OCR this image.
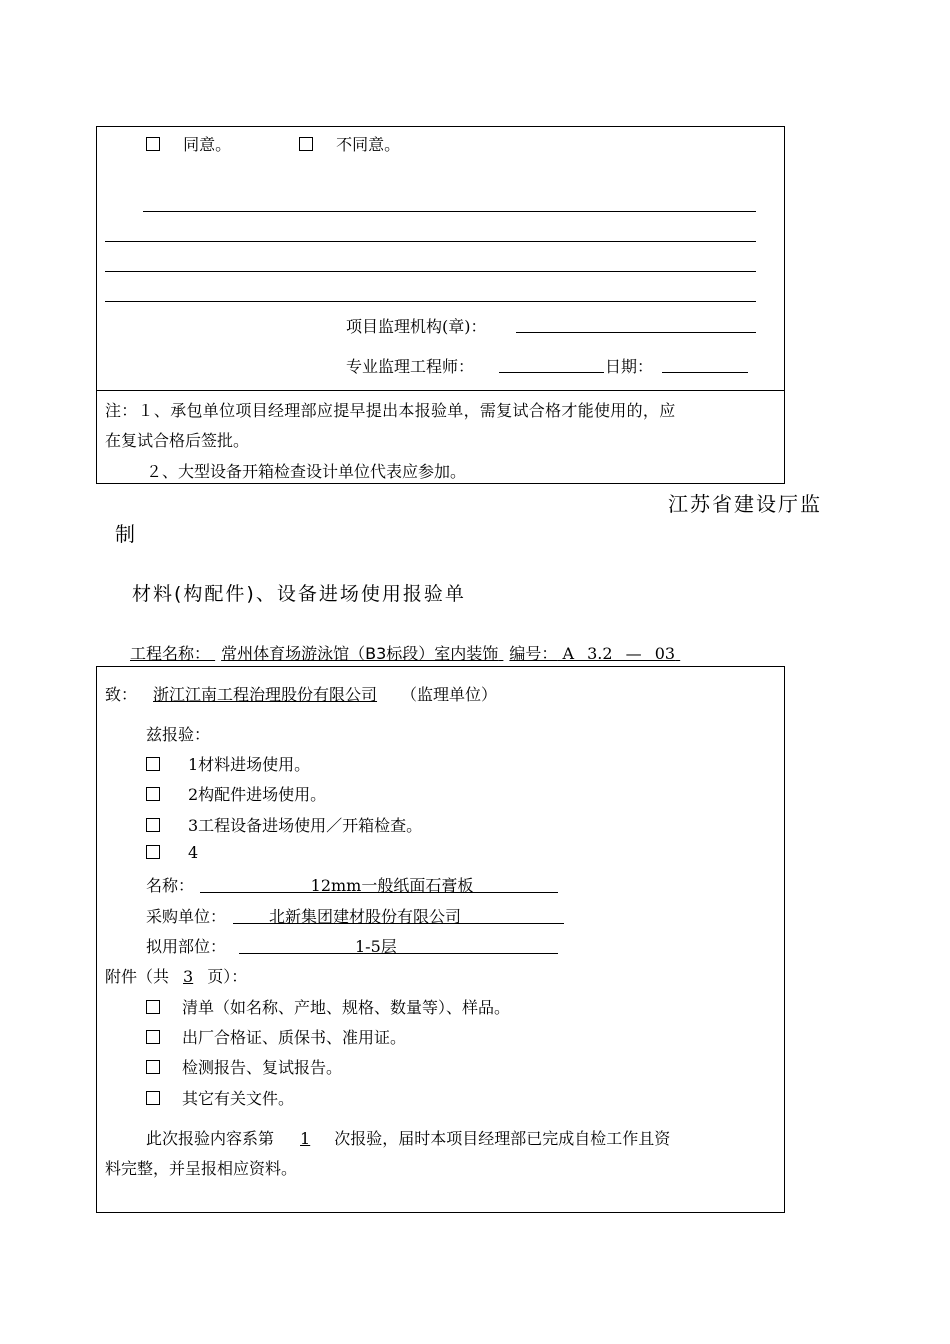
同意。	不同意。
项目监理机构(章)：
专业监理工程师：	日期：
注：１、承包单位项目经理部应提早提出本报验单，需复试合格才能使用的，应
在复试合格后签批。
２、大型设备开箱检查设计单位代表应参加。
江苏省建设厅监
制
材料(构配件)、设备进场使用报验单
工程名称： 常州体育场游泳馆（B3标段）室内装饰 编号： A 3.2 — 03
致： 浙江江南工程治理股份有限公司 （监理单位）
兹报验：
1材料进场使用。
2构配件进场使用。
3工程设备进场使用／开箱检查。
4
名称：	12mm一般纸面石膏板
采购单位：	北新集团建材股份有限公司
拟用部位：	1-5层
附件（共 3 页）：
清单（如名称、产地、规格、数量等）、样品。
出厂合格证、质保书、准用证。
检测报告、复试报告。
其它有关文件。
此次报验内容系第 1 次报验，届时本项目经理部已完成自检工作且资
料完整，并呈报相应资料。
